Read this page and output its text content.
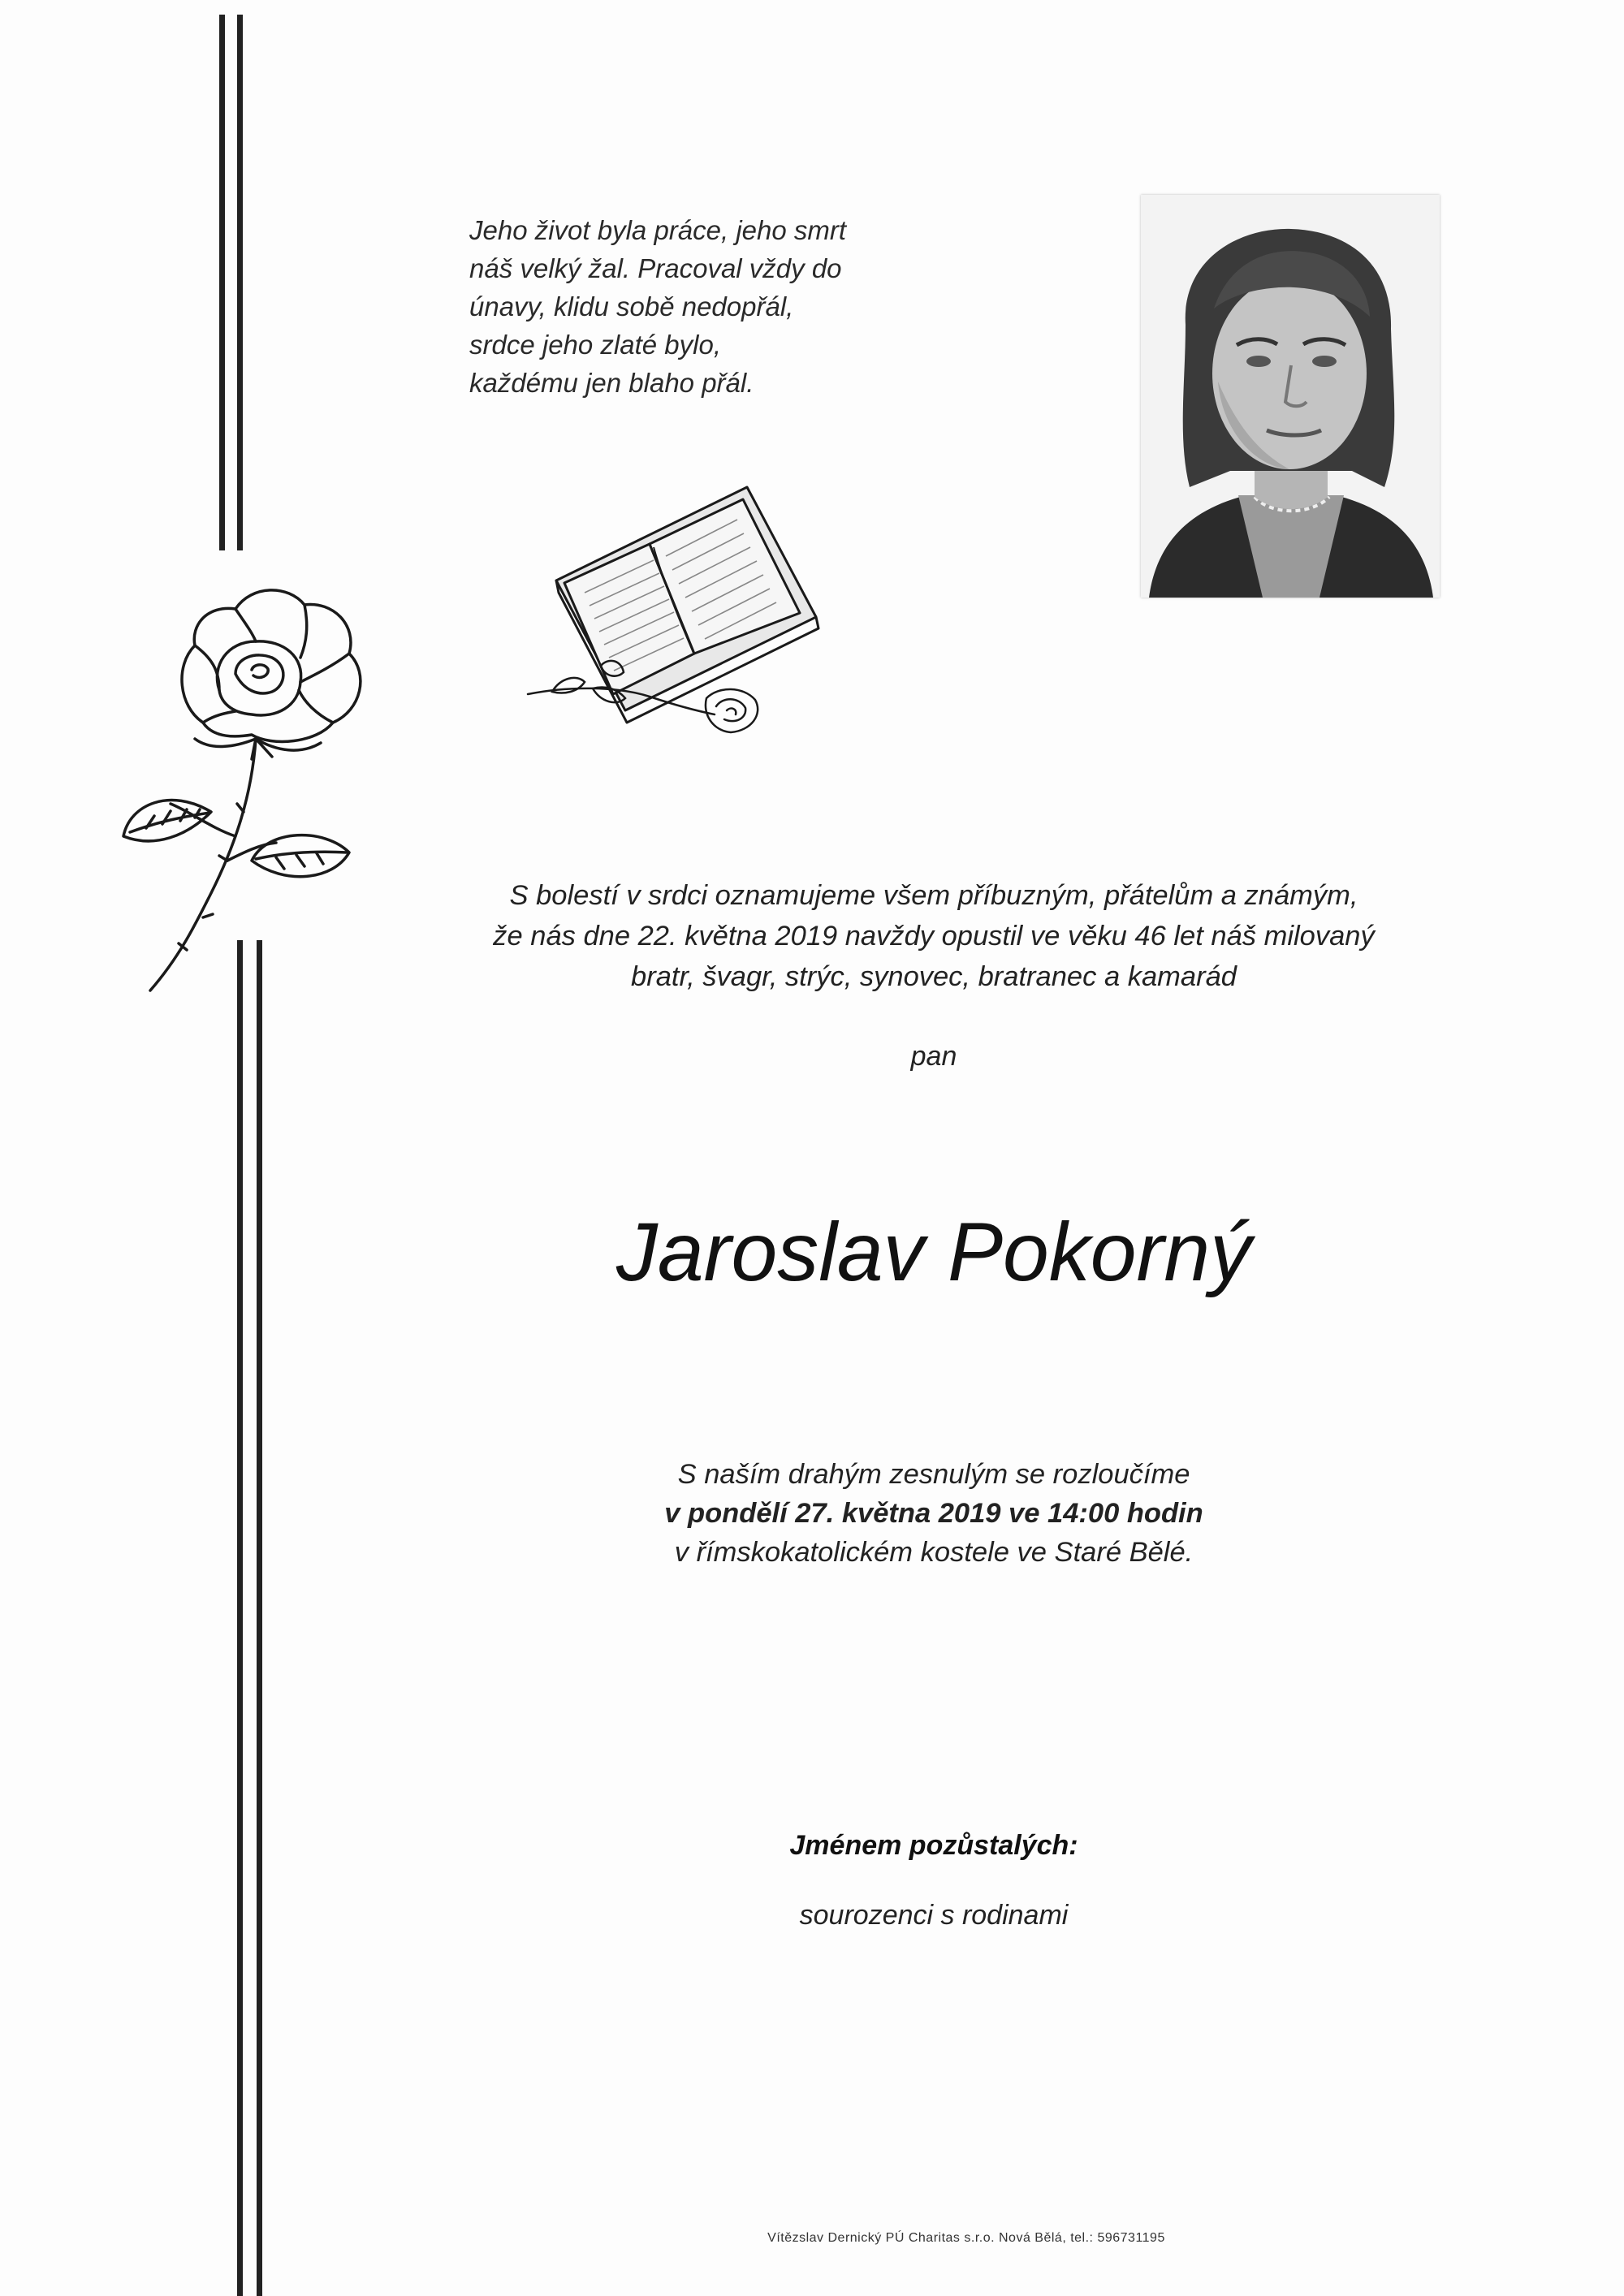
Jeho život byla práce, jeho smrt
náš velký žal. Pracoval vždy do
únavy, klidu sobě nedopřál,
srdce jeho zlaté bylo,
každému jen blaho přál.
S bolestí v srdci oznamujeme všem příbuzným, přátelům a známým,
že nás dne 22. května 2019 navždy opustil ve věku 46 let náš milovaný
bratr, švagr, strýc, synovec, bratranec a kamarád
pan
Jaroslav Pokorný
S naším drahým zesnulým se rozloučíme
v pondělí 27. května 2019 ve 14:00 hodin
v římskokatolickém kostele ve Staré Bělé.
Jménem pozůstalých:
sourozenci s rodinami
Vítězslav Dernický PÚ Charitas s.r.o. Nová Bělá, tel.: 596731195
